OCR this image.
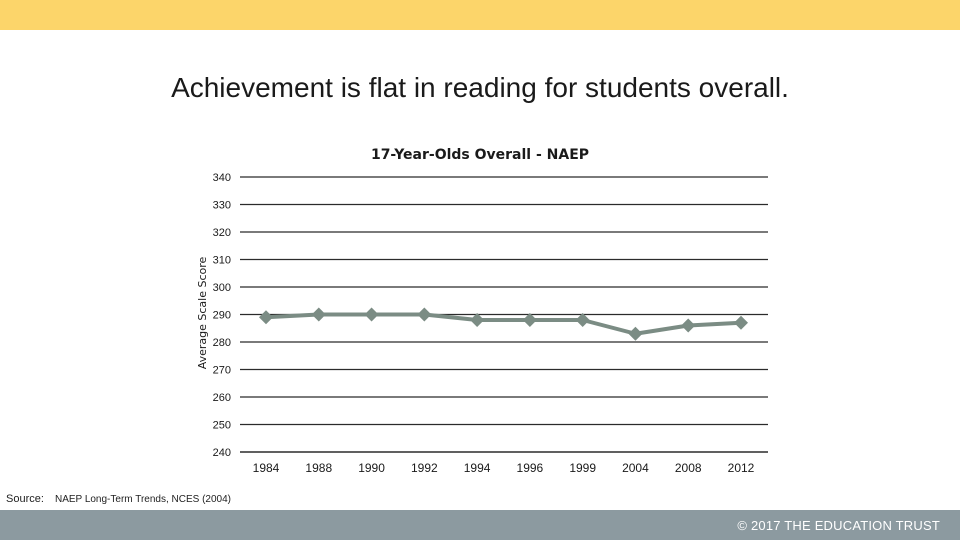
Achievement is flat in reading for students overall.
17-Year-Olds Overall - NAEP
Average Scale Score
340
330
320
310
300
290
280
270
260
250
240
1984 1988 1990 1992 1994 1996 1999 2004 2008 2012
Source: NAEP Long-Term Trends, NCES (2004)
© 2017 THE EDUCATION TRUST
